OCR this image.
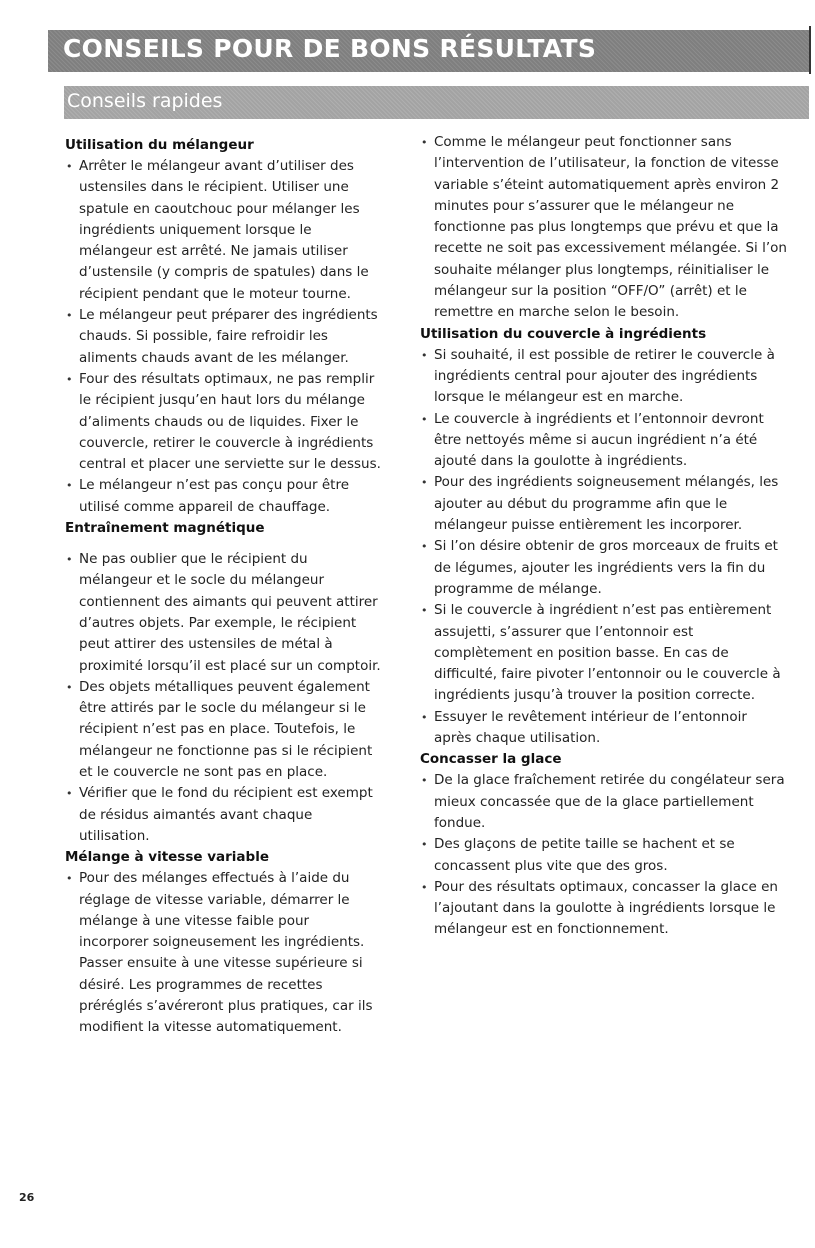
CONSEILS POUR DE BONS RÉSULTATS
Conseils rapides
Utilisation du mélangeur
• Arrêter le mélangeur avant d’utiliser des ustensiles dans le récipient. Utiliser une spatule en caoutchouc pour mélanger les ingrédients uniquement lorsque le mélangeur est arrêté. Ne jamais utiliser d’ustensile (y compris de spatules) dans le récipient pendant que le moteur tourne.
• Le mélangeur peut préparer des ingrédients chauds. Si possible, faire refroidir les aliments chauds avant de les mélanger.
• Four des résultats optimaux, ne pas remplir le récipient jusqu’en haut lors du mélange d’aliments chauds ou de liquides. Fixer le couvercle, retirer le couvercle à ingrédients central et placer une serviette sur le dessus.
• Le mélangeur n’est pas conçu pour être utilisé comme appareil de chauffage.
Entraînement magnétique
• Ne pas oublier que le récipient du mélangeur et le socle du mélangeur contiennent des aimants qui peuvent attirer d’autres objets. Par exemple, le récipient peut attirer des ustensiles de métal à proximité lorsqu’il est placé sur un comptoir.
• Des objets métalliques peuvent également être attirés par le socle du mélangeur si le récipient n’est pas en place. Toutefois, le mélangeur ne fonctionne pas si le récipient et le couvercle ne sont pas en place.
• Vérifier que le fond du récipient est exempt de résidus aimantés avant chaque utilisation.
Mélange à vitesse variable
• Pour des mélanges effectués à l’aide du réglage de vitesse variable, démarrer le mélange à une vitesse faible pour incorporer soigneusement les ingrédients. Passer ensuite à une vitesse supérieure si désiré. Les programmes de recettes préréglés s’avéreront plus pratiques, car ils modifient la vitesse automatiquement.
• Comme le mélangeur peut fonctionner sans l’intervention de l’utilisateur, la fonction de vitesse variable s’éteint automatiquement après environ 2 minutes pour s’assurer que le mélangeur ne fonctionne pas plus longtemps que prévu et que la recette ne soit pas excessivement mélangée. Si l’on souhaite mélanger plus longtemps, réinitialiser le mélangeur sur la position “OFF/O” (arrêt) et le remettre en marche selon le besoin.
Utilisation du couvercle à ingrédients
• Si souhaité, il est possible de retirer le couvercle à ingrédients central pour ajouter des ingrédients lorsque le mélangeur est en marche.
• Le couvercle à ingrédients et l’entonnoir devront être nettoyés même si aucun ingrédient n’a été ajouté dans la goulotte à ingrédients.
• Pour des ingrédients soigneusement mélangés, les ajouter au début du programme afin que le mélangeur puisse entièrement les incorporer.
• Si l’on désire obtenir de gros morceaux de fruits et de légumes, ajouter les ingrédients vers la fin du programme de mélange.
• Si le couvercle à ingrédient n’est pas entièrement assujetti, s’assurer que l’entonnoir est complètement en position basse. En cas de difficulté, faire pivoter l’entonnoir ou le couvercle à ingrédients jusqu’à trouver la position correcte.
• Essuyer le revêtement intérieur de l’entonnoir après chaque utilisation.
Concasser la glace
• De la glace fraîchement retirée du congélateur sera mieux concassée que de la glace partiellement fondue.
• Des glaçons de petite taille se hachent et se concassent plus vite que des gros.
• Pour des résultats optimaux, concasser la glace en l’ajoutant dans la goulotte à ingrédients lorsque le mélangeur est en fonctionnement.
26
